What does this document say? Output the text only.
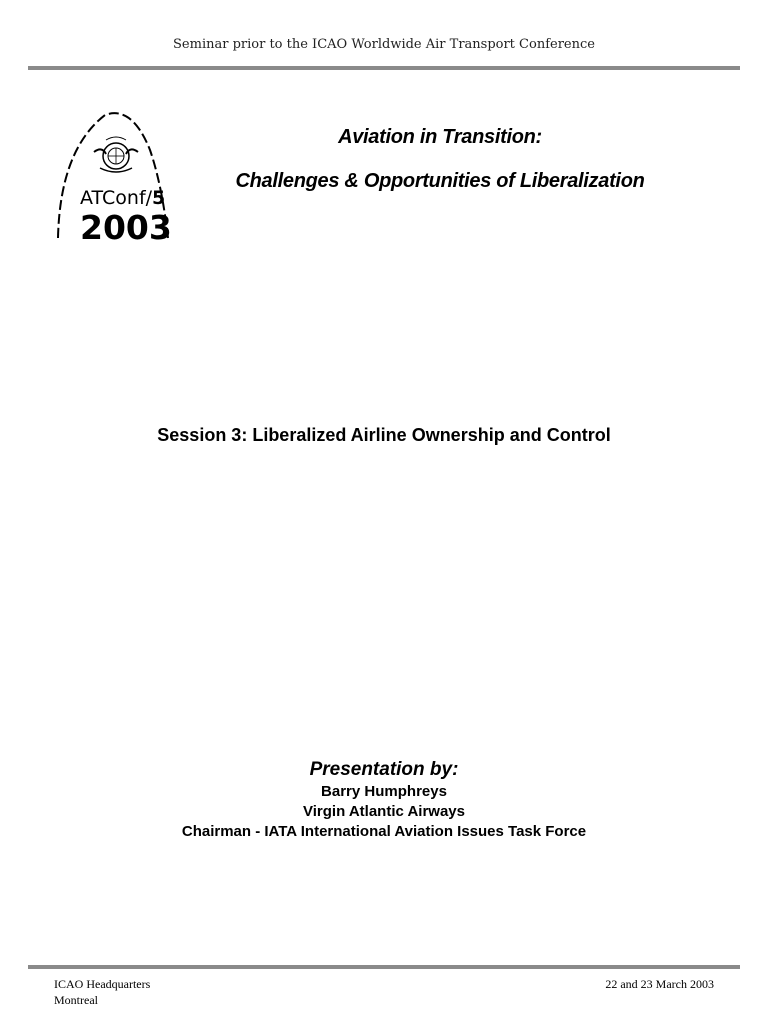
Seminar prior to the ICAO Worldwide Air Transport Conference
ATConf/5
2003
Aviation in Transition:
Challenges & Opportunities of Liberalization
Session 3: Liberalized Airline Ownership and Control
Presentation by:
Barry Humphreys
Virgin Atlantic Airways
Chairman - IATA International Aviation Issues Task Force
ICAO Headquarters
Montreal
22 and 23 March 2003
